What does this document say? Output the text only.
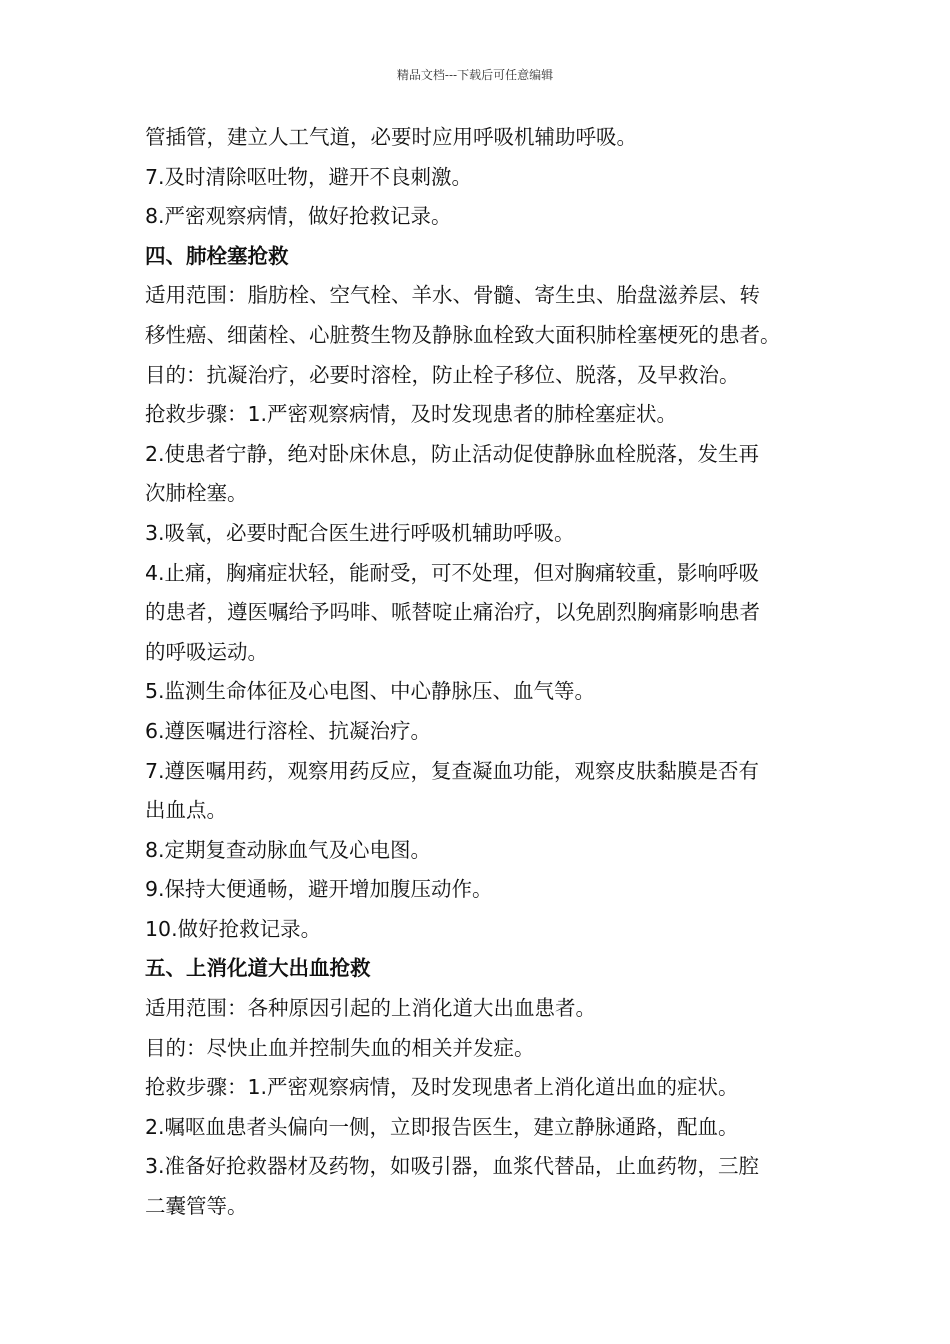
精品文档---下载后可任意编辑

管插管，建立人工气道，必要时应用呼吸机辅助呼吸。

7.及时清除呕吐物，避开不良刺激。

8.严密观察病情，做好抢救记录。

四、肺栓塞抢救

适用范围：脂肪栓、空气栓、羊水、骨髓、寄生虫、胎盘滋养层、转

移性癌、细菌栓、心脏赘生物及静脉血栓致大面积肺栓塞梗死的患者。

目的：抗凝治疗，必要时溶栓，防止栓子移位、脱落，及早救治。

抢救步骤：1.严密观察病情，及时发现患者的肺栓塞症状。

2.使患者宁静，绝对卧床休息，防止活动促使静脉血栓脱落，发生再

次肺栓塞。

3.吸氧，必要时配合医生进行呼吸机辅助呼吸。

4.止痛，胸痛症状轻，能耐受，可不处理，但对胸痛较重，影响呼吸

的患者，遵医嘱给予吗啡、哌替啶止痛治疗，以免剧烈胸痛影响患者

的呼吸运动。

5.监测生命体征及心电图、中心静脉压、血气等。

6.遵医嘱进行溶栓、抗凝治疗。

7.遵医嘱用药，观察用药反应，复查凝血功能，观察皮肤黏膜是否有

出血点。

8.定期复查动脉血气及心电图。

9.保持大便通畅，避开增加腹压动作。

10.做好抢救记录。

五、上消化道大出血抢救

适用范围：各种原因引起的上消化道大出血患者。

目的：尽快止血并控制失血的相关并发症。

抢救步骤：1.严密观察病情，及时发现患者上消化道出血的症状。

2.嘱呕血患者头偏向一侧，立即报告医生，建立静脉通路，配血。

3.准备好抢救器材及药物，如吸引器，血浆代替品，止血药物，三腔

二囊管等。
